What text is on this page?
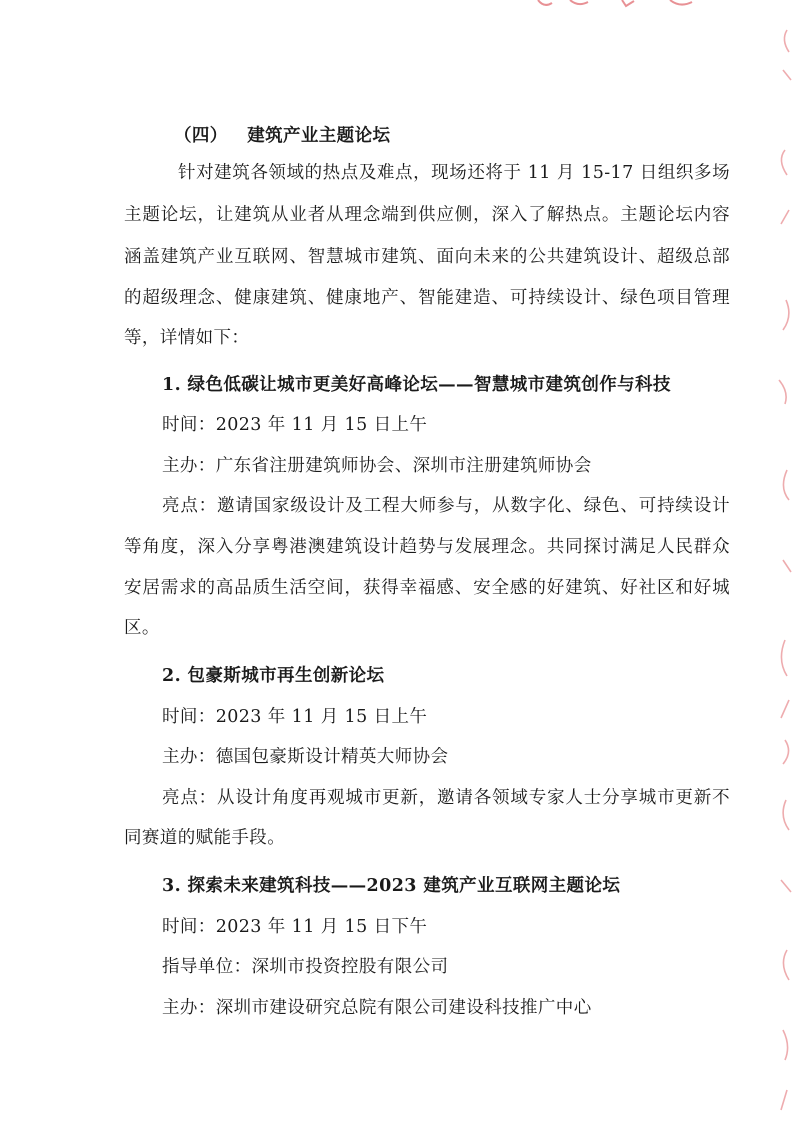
（四） 建筑产业主题论坛
针对建筑各领域的热点及难点，现场还将于 11 月 15-17 日组织多场
主题论坛，让建筑从业者从理念端到供应侧，深入了解热点。主题论坛内容
涵盖建筑产业互联网、智慧城市建筑、面向未来的公共建筑设计、超级总部
的超级理念、健康建筑、健康地产、智能建造、可持续设计、绿色项目管理
等，详情如下：
1. 绿色低碳让城市更美好高峰论坛——智慧城市建筑创作与科技
时间：2023 年 11 月 15 日上午
主办：广东省注册建筑师协会、深圳市注册建筑师协会
亮点：邀请国家级设计及工程大师参与，从数字化、绿色、可持续设计
等角度，深入分享粤港澳建筑设计趋势与发展理念。共同探讨满足人民群众
安居需求的高品质生活空间，获得幸福感、安全感的好建筑、好社区和好城
区。
2. 包豪斯城市再生创新论坛
时间：2023 年 11 月 15 日上午
主办：德国包豪斯设计精英大师协会
亮点：从设计角度再观城市更新，邀请各领域专家人士分享城市更新不
同赛道的赋能手段。
3. 探索未来建筑科技——2023 建筑产业互联网主题论坛
时间：2023 年 11 月 15 日下午
指导单位：深圳市投资控股有限公司
主办：深圳市建设研究总院有限公司建设科技推广中心
